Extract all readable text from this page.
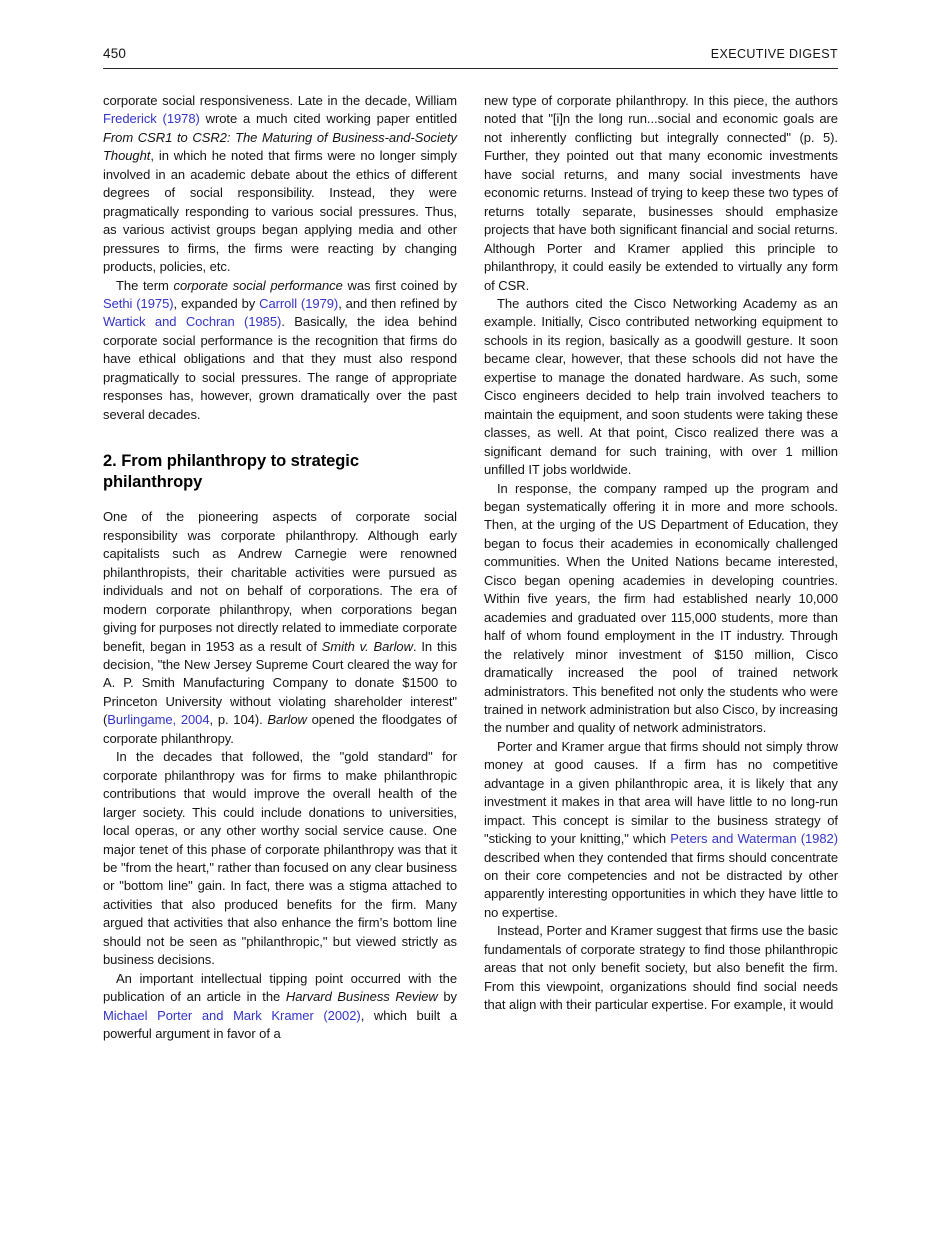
450	EXECUTIVE DIGEST

corporate social responsiveness. Late in the decade, William Frederick (1978) wrote a much cited working paper entitled From CSR1 to CSR2: The Maturing of Business-and-Society Thought, in which he noted that firms were no longer simply involved in an academic debate about the ethics of different degrees of social responsibility. Instead, they were pragmatically responding to various social pressures. Thus, as various activist groups began applying media and other pressures to firms, the firms were reacting by changing products, policies, etc.

The term corporate social performance was first coined by Sethi (1975), expanded by Carroll (1979), and then refined by Wartick and Cochran (1985). Basically, the idea behind corporate social performance is the recognition that firms do have ethical obligations and that they must also respond pragmatically to social pressures. The range of appropriate responses has, however, grown dramatically over the past several decades.

2. From philanthropy to strategic philanthropy

One of the pioneering aspects of corporate social responsibility was corporate philanthropy. Although early capitalists such as Andrew Carnegie were renowned philanthropists, their charitable activities were pursued as individuals and not on behalf of corporations. The era of modern corporate philanthropy, when corporations began giving for purposes not directly related to immediate corporate benefit, began in 1953 as a result of Smith v. Barlow. In this decision, "the New Jersey Supreme Court cleared the way for A. P. Smith Manufacturing Company to donate $1500 to Princeton University without violating shareholder interest" (Burlingame, 2004, p. 104). Barlow opened the floodgates of corporate philanthropy.

In the decades that followed, the "gold standard" for corporate philanthropy was for firms to make philanthropic contributions that would improve the overall health of the larger society. This could include donations to universities, local operas, or any other worthy social service cause. One major tenet of this phase of corporate philanthropy was that it be "from the heart," rather than focused on any clear business or "bottom line" gain. In fact, there was a stigma attached to activities that also produced benefits for the firm. Many argued that activities that also enhance the firm’s bottom line should not be seen as "philanthropic," but viewed strictly as business decisions.

An important intellectual tipping point occurred with the publication of an article in the Harvard Business Review by Michael Porter and Mark Kramer (2002), which built a powerful argument in favor of a

new type of corporate philanthropy. In this piece, the authors noted that "[i]n the long run...social and economic goals are not inherently conflicting but integrally connected" (p. 5). Further, they pointed out that many economic investments have social returns, and many social investments have economic returns. Instead of trying to keep these two types of returns totally separate, businesses should emphasize projects that have both significant financial and social returns. Although Porter and Kramer applied this principle to philanthropy, it could easily be extended to virtually any form of CSR.

The authors cited the Cisco Networking Academy as an example. Initially, Cisco contributed networking equipment to schools in its region, basically as a goodwill gesture. It soon became clear, however, that these schools did not have the expertise to manage the donated hardware. As such, some Cisco engineers decided to help train involved teachers to maintain the equipment, and soon students were taking these classes, as well. At that point, Cisco realized there was a significant demand for such training, with over 1 million unfilled IT jobs worldwide.

In response, the company ramped up the program and began systematically offering it in more and more schools. Then, at the urging of the US Department of Education, they began to focus their academies in economically challenged communities. When the United Nations became interested, Cisco began opening academies in developing countries. Within five years, the firm had established nearly 10,000 academies and graduated over 115,000 students, more than half of whom found employment in the IT industry. Through the relatively minor investment of $150 million, Cisco dramatically increased the pool of trained network administrators. This benefited not only the students who were trained in network administration but also Cisco, by increasing the number and quality of network administrators.

Porter and Kramer argue that firms should not simply throw money at good causes. If a firm has no competitive advantage in a given philanthropic area, it is likely that any investment it makes in that area will have little to no long-run impact. This concept is similar to the business strategy of "sticking to your knitting," which Peters and Waterman (1982) described when they contended that firms should concentrate on their core competencies and not be distracted by other apparently interesting opportunities in which they have little to no expertise.

Instead, Porter and Kramer suggest that firms use the basic fundamentals of corporate strategy to find those philanthropic areas that not only benefit society, but also benefit the firm. From this viewpoint, organizations should find social needs that align with their particular expertise. For example, it would
